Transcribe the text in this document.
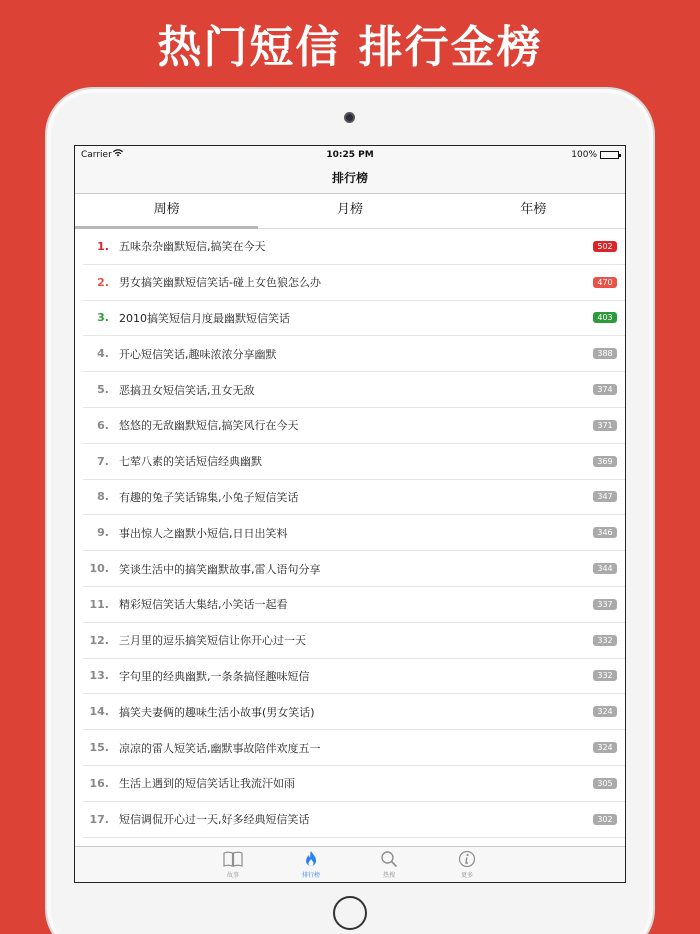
热门短信 排行金榜
Carrier	10:25 PM	100%
排行榜
周榜	月榜	年榜
1. 五味杂杂幽默短信,搞笑在今天	502
2. 男女搞笑幽默短信笑话-碰上女色狼怎么办	470
3. 2010搞笑短信月度最幽默短信笑话	403
4. 开心短信笑话,趣味浓浓分享幽默	388
5. 恶搞丑女短信笑话,丑女无敌	374
6. 悠悠的无敌幽默短信,搞笑风行在今天	371
7. 七荤八素的笑话短信经典幽默	369
8. 有趣的兔子笑话锦集,小兔子短信笑话	347
9. 事出惊人之幽默小短信,日日出笑料	346
10. 笑谈生活中的搞笑幽默故事,雷人语句分享	344
11. 精彩短信笑话大集结,小笑话一起看	337
12. 三月里的逗乐搞笑短信让你开心过一天	332
13. 字句里的经典幽默,一条条搞怪趣味短信	332
14. 搞笑夫妻俩的趣味生活小故事(男女笑话)	324
15. 凉凉的雷人短笑话,幽默事故陪伴欢度五一	324
16. 生活上遇到的短信笑话让我流汗如雨	305
17. 短信调侃开心过一天,好多经典短信笑话	302
故事	排行榜	热搜	更多
